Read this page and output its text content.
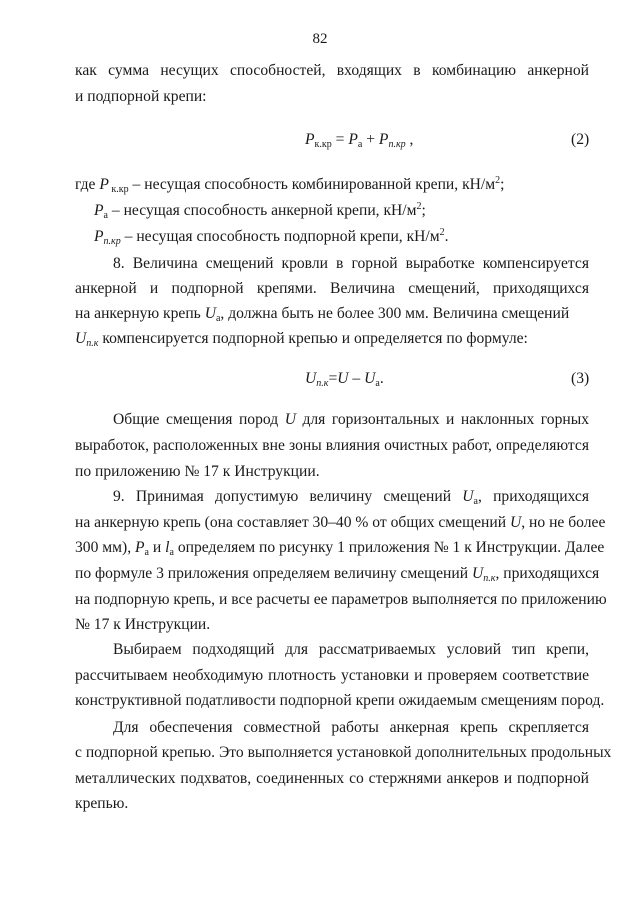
82
как сумма несущих способностей, входящих в комбинацию анкерной
и подпорной крепи:
$P_{к.кр} = P_а + P_{п.кр}$ ,	(2)
где P $_{к.кр}$ – несущая способность комбинированной крепи, $кН/м^2$;
$P_а$ – несущая способность анкерной крепи, $кН/м^2$;
$P_{п.кр}$ – несущая способность подпорной крепи, $кН/м^2$.
8. Величина смещений кровли в горной выработке компенсируется
анкерной и подпорной крепями. Величина смещений, приходящихся
на анкерную крепь $U_а$, должна быть не более 300 мм. Величина смещений
$U_{п.к}$ компенсируется подпорной крепью и определяется по формуле:
$U_{п.к}=U - U_а$.	(3)
Общие смещения пород U для горизонтальных и наклонных горных
выработок, расположенных вне зоны влияния очистных работ, определяются
по приложению № 17 к Инструкции.
9. Принимая допустимую величину смещений $U_а$, приходящихся
на анкерную крепь (она составляет 30–40 % от общих смещений U, но не более
300 мм), $P_а$ и $l_а$ определяем по рисунку 1 приложения № 1 к Инструкции. Далее
по формуле 3 приложения определяем величину смещений $U_{п.к}$, приходящихся
на подпорную крепь, и все расчеты ее параметров выполняется по приложению
№ 17 к Инструкции.
Выбираем подходящий для рассматриваемых условий тип крепи,
рассчитываем необходимую плотность установки и проверяем соответствие
конструктивной податливости подпорной крепи ожидаемым смещениям пород.
Для обеспечения совместной работы анкерная крепь скрепляется
с подпорной крепью. Это выполняется установкой дополнительных продольных
металлических подхватов, соединенных со стержнями анкеров и подпорной
крепью.
